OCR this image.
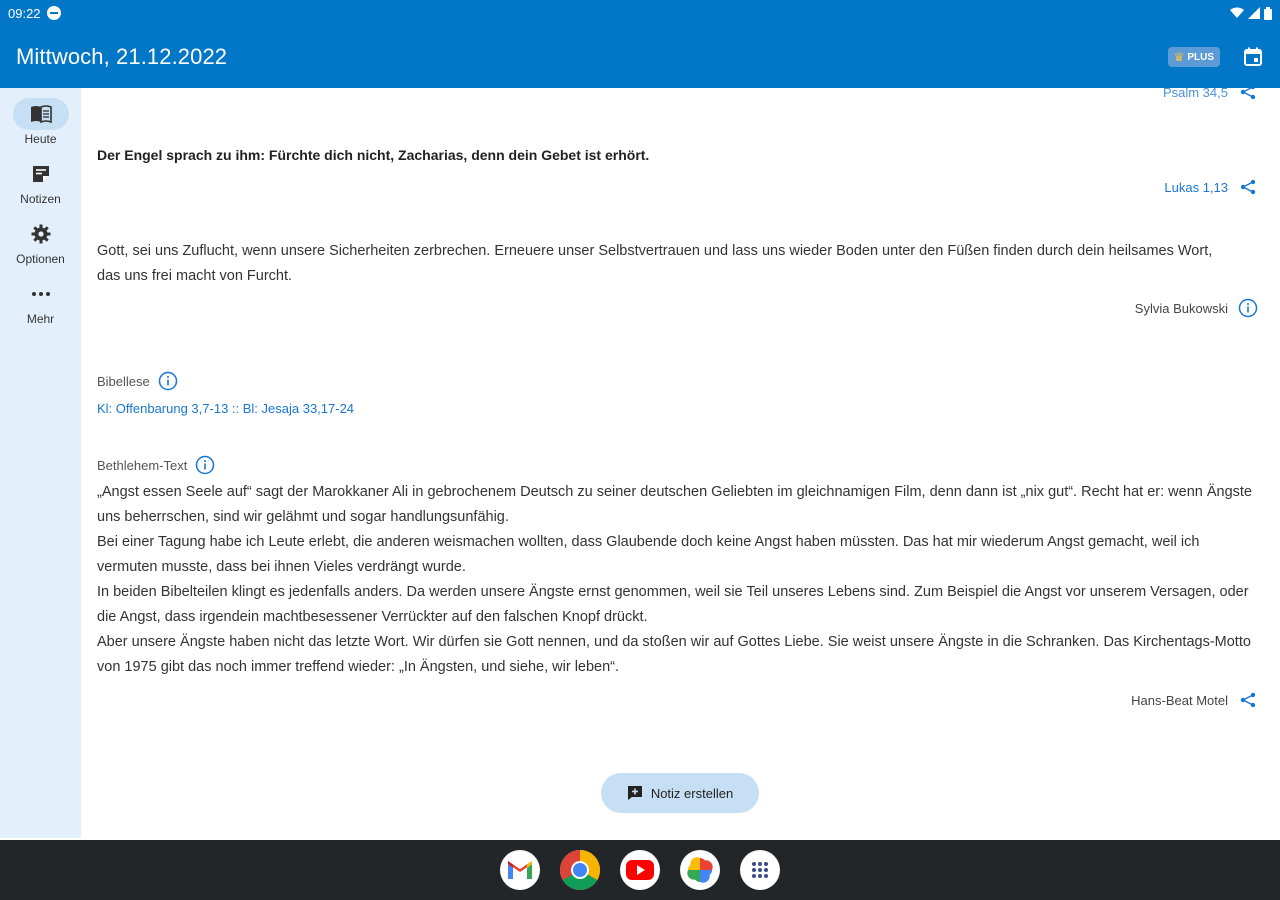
09:22
Mittwoch, 21.12.2022	♛ PLUS
Heute
Notizen
Optionen
Mehr
Psalm 34,5
Der Engel sprach zu ihm: Fürchte dich nicht, Zacharias, denn dein Gebet ist erhört.
Lukas 1,13
Gott, sei uns Zuflucht, wenn unsere Sicherheiten zerbrechen. Erneuere unser Selbstvertrauen und lass uns wieder Boden unter den Füßen finden durch dein heilsames Wort, das uns frei macht von Furcht.
Sylvia Bukowski
Bibellese
Kl: Offenbarung 3,7-13 :: Bl: Jesaja 33,17-24
Bethlehem-Text
„Angst essen Seele auf“ sagt der Marokkaner Ali in gebrochenem Deutsch zu seiner deutschen Geliebten im gleichnamigen Film, denn dann ist „nix gut“. Recht hat er: wenn Ängste uns beherrschen, sind wir gelähmt und sogar handlungsunfähig.
Bei einer Tagung habe ich Leute erlebt, die anderen weismachen wollten, dass Glaubende doch keine Angst haben müssten. Das hat mir wiederum Angst gemacht, weil ich vermuten musste, dass bei ihnen Vieles verdrängt wurde.
In beiden Bibelteilen klingt es jedenfalls anders. Da werden unsere Ängste ernst genommen, weil sie Teil unseres Lebens sind. Zum Beispiel die Angst vor unserem Versagen, oder die Angst, dass irgendein machtbesessener Verrückter auf den falschen Knopf drückt.
Aber unsere Ängste haben nicht das letzte Wort. Wir dürfen sie Gott nennen, und da stoßen wir auf Gottes Liebe. Sie weist unsere Ängste in die Schranken. Das Kirchentags-Motto von 1975 gibt das noch immer treffend wieder: „In Ängsten, und siehe, wir leben“.
Hans-Beat Motel
Notiz erstellen
